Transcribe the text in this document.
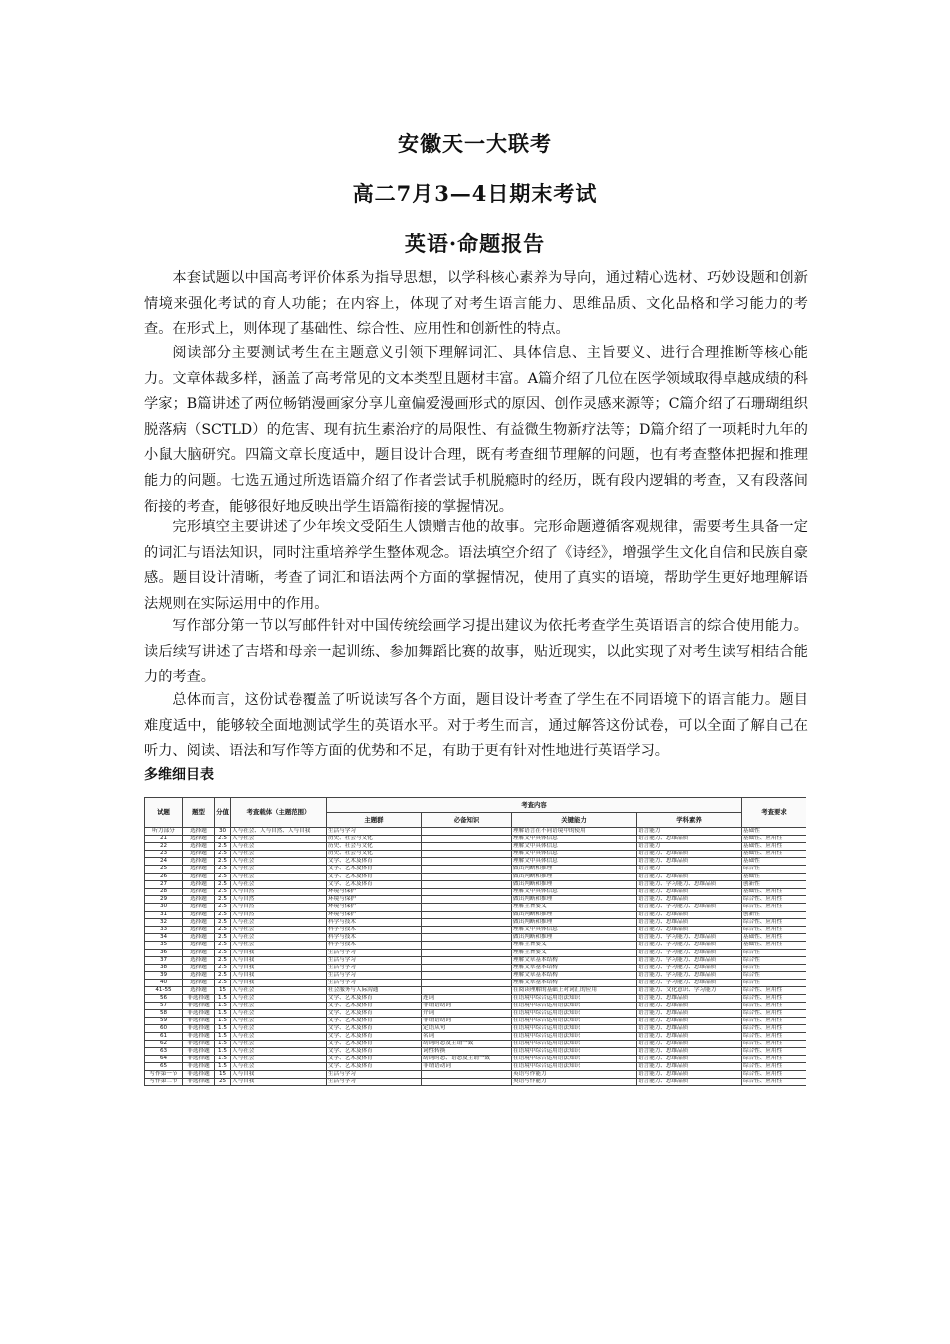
安徽天一大联考
高二7月3—4日期末考试
英语·命题报告

本套试题以中国高考评价体系为指导思想，以学科核心素养为导向，通过精心选材、巧妙设题和创新情境来强化考试的育人功能；在内容上，体现了对考生语言能力、思维品质、文化品格和学习能力的考查。在形式上，则体现了基础性、综合性、应用性和创新性的特点。

阅读部分主要测试考生在主题意义引领下理解词汇、具体信息、主旨要义、进行合理推断等核心能力。文章体裁多样，涵盖了高考常见的文本类型且题材丰富。A篇介绍了几位在医学领域取得卓越成绩的科学家；B篇讲述了两位畅销漫画家分享儿童偏爱漫画形式的原因、创作灵感来源等；C篇介绍了石珊瑚组织脱落病（SCTLD）的危害、现有抗生素治疗的局限性、有益微生物新疗法等；D篇介绍了一项耗时九年的小鼠大脑研究。四篇文章长度适中，题目设计合理，既有考查细节理解的问题，也有考查整体把握和推理能力的问题。七选五通过所选语篇介绍了作者尝试手机脱瘾时的经历，既有段内逻辑的考查，又有段落间衔接的考查，能够很好地反映出学生语篇衔接的掌握情况。

完形填空主要讲述了少年埃文受陌生人馈赠吉他的故事。完形命题遵循客观规律，需要考生具备一定的词汇与语法知识，同时注重培养学生整体观念。语法填空介绍了《诗经》，增强学生文化自信和民族自豪感。题目设计清晰，考查了词汇和语法两个方面的掌握情况，使用了真实的语境，帮助学生更好地理解语法规则在实际运用中的作用。

写作部分第一节以写邮件针对中国传统绘画学习提出建议为依托考查学生英语语言的综合使用能力。读后续写讲述了吉塔和母亲一起训练、参加舞蹈比赛的故事，贴近现实，以此实现了对考生读写相结合能力的考查。

总体而言，这份试卷覆盖了听说读写各个方面，题目设计考查了学生在不同语境下的语言能力。题目难度适中，能够较全面地测试学生的英语水平。对于考生而言，通过解答这份试卷，可以全面了解自己在听力、阅读、语法和写作等方面的优势和不足，有助于更有针对性地进行英语学习。

多维细目表
试题	题型	分值	考查载体（主题范围）	考查内容				考查要求
				主题群	必备知识	关键能力	学科素养	
听力部分	选择题	30	人与社会、人与自然、人与自我	生活与学习		理解语言在不同语境中的使用	语言能力	基础性
21	选择题	2.5	人与社会	历史、社会与文化		理解文中具体信息	语言能力、思维品质	基础性、应用性
22	选择题	2.5	人与社会	历史、社会与文化		理解文中具体信息	语言能力	基础性、应用性
23	选择题	2.5	人与社会	历史、社会与文化		理解文中具体信息	语言能力、思维品质	基础性、应用性
24	选择题	2.5	人与社会	文学、艺术及体育		理解文中具体信息	语言能力、思维品质	基础性
25	选择题	2.5	人与社会	文学、艺术及体育		做出判断和推理	语言能力	综合性
26	选择题	2.5	人与社会	文学、艺术及体育		做出判断和推理	语言能力、思维品质	基础性
27	选择题	2.5	人与社会	文学、艺术及体育		做出判断和推理	语言能力、学习能力、思维品质	创新性
28	选择题	2.5	人与自然	环境与保护		理解文中具体信息	语言能力、思维品质	基础性、应用性
29	选择题	2.5	人与自然	环境与保护		做出判断和推理	语言能力、思维品质	综合性、应用性
30	选择题	2.5	人与自然	环境与保护		理解主旨要义	语言能力、学习能力、思维品质	综合性、应用性
31	选择题	2.5	人与自然	环境与保护		做出判断和推理	语言能力、思维品质	创新性
32	选择题	2.5	人与社会	科学与技术		做出判断和推理	语言能力、思维品质	综合性、应用性
33	选择题	2.5	人与社会	科学与技术		理解文中具体信息	语言能力、思维品质	综合性、应用性
34	选择题	2.5	人与社会	科学与技术		做出判断和推理	语言能力、学习能力、思维品质	基础性、应用性
35	选择题	2.5	人与社会	科学与技术		理解主旨要义	语言能力、学习能力、思维品质	基础性、应用性
36	选择题	2.5	人与自我	生活与学习		理解主旨要义	语言能力、学习能力、思维品质	综合性
37	选择题	2.5	人与自我	生活与学习		理解文章基本结构	语言能力、学习能力、思维品质	综合性
38	选择题	2.5	人与自我	生活与学习		理解文章基本结构	语言能力、学习能力、思维品质	综合性
39	选择题	2.5	人与自我	生活与学习		理解文章基本结构	语言能力、学习能力、思维品质	综合性
40	选择题	2.5	人与自我	生活与学习		理解文章基本结构	语言能力、学习能力、思维品质	综合性
41-55	选择题	15	人与社会	社会服务与人际沟通		在阅读理解的基础上对词汇的应用	语言能力、文化意识、学习能力	综合性、应用性
56	非选择题	1.5	人与社会	文学、艺术及体育	连词	在语境中综合运用语法知识	语言能力、思维品质	综合性、应用性
57	非选择题	1.5	人与社会	文学、艺术及体育	非谓语动词	在语境中综合运用语法知识	语言能力、思维品质	综合性、应用性
58	非选择题	1.5	人与社会	文学、艺术及体育	介词	在语境中综合运用语法知识	语言能力、思维品质	综合性、应用性
59	非选择题	1.5	人与社会	文学、艺术及体育	非谓语动词	在语境中综合运用语法知识	语言能力、思维品质	综合性、应用性
60	非选择题	1.5	人与社会	文学、艺术及体育	定语从句	在语境中综合运用语法知识	语言能力、思维品质	综合性、应用性
61	非选择题	1.5	人与社会	文学、艺术及体育	名词	在语境中综合运用语法知识	语言能力、思维品质	综合性、应用性
62	非选择题	1.5	人与社会	文学、艺术及体育	动词时态及主谓一致	在语境中综合运用语法知识	语言能力、思维品质	综合性、应用性
63	非选择题	1.5	人与社会	文学、艺术及体育	词性转换	在语境中综合运用语法知识	语言能力、思维品质	综合性、应用性
64	非选择题	1.5	人与社会	文学、艺术及体育	动词时态、语态及主谓一致	在语境中综合运用语法知识	语言能力、思维品质	综合性、应用性
65	非选择题	1.5	人与社会	文学、艺术及体育	非谓语动词	在语境中综合运用语法知识	语言能力、思维品质	综合性、应用性
写作第一节	非选择题	15	人与自我	生活与学习		英语写作能力	语言能力、思维品质	综合性、应用性
写作第二节	非选择题	25	人与自我	生活与学习		英语写作能力	语言能力、思维品质	综合性、应用性
